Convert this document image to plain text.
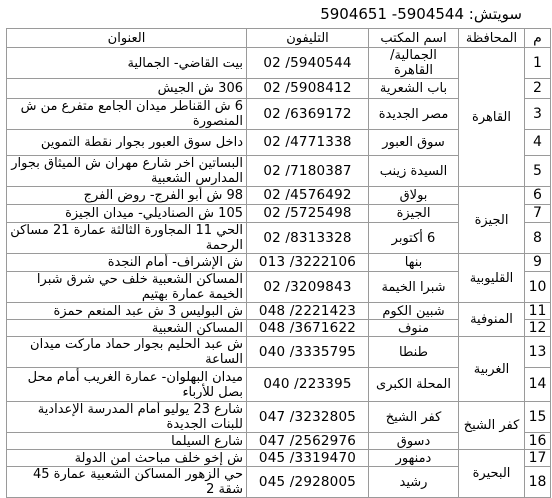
سويتش: 5904544- 5904651
م	المحافظة	اسم المكتب	التليفون	العنوان
1	القاهرة	الجمالية/ القاهرة	02 /5940544	بيت القاضي- الجمالية
2		باب الشعرية	02 /5908412	306 ش الجيش
3		مصر الجديدة	02 /6369172	6 ش القناطر ميدان الجامع متفرع من ش المنصورة
4		سوق العبور	02 /4771338	داخل سوق العبور بجوار نقطة التموين
5		السيدة زينب	02 /7180387	البساتين آخر شارع مهران ش الميثاق بجوار المدارس الشعبية
6	الجيزة	بولاق	02 /4576492	98 ش أبو الفرج- روض الفرج
7		الجيزة	02 /5725498	105 ش الصناديلي- ميدان الجيزة
8		6 أكتوبر	02 /8313328	الحي 11 المجاورة الثالثة عمارة 21 مساكن الرحمة
9	القليوبية	بنها	013 /3222106	ش الإشراف- أمام النجدة
10		شبرا الخيمة	02 /3209843	المساكن الشعبية خلف حي شرق شبرا الخيمة عمارة بهتيم
11	المنوفية	شبين الكوم	048 /2221423	ش البوليس 3 ش عبد المنعم حمزة
12		منوف	048 /3671622	المساكن الشعبية
13	الغربية	طنطا	040 /3335795	ش عبد الحليم بجوار حماد ماركت ميدان الساعة
14		المحلة الكبرى	040 /223395	ميدان البهلوان- عمارة الغريب أمام محل بصل للأرباء
15	كفر الشيخ	كفر الشيخ	047 /3232805	شارع 23 يوليو أمام المدرسة الإعدادية للبنات الجديدة
16		دسوق	047 /2562976	شارع السيلما
17	البحيرة	دمنهور	045 /3319470	ش إخو خلف مباحث امن الدولة
18		رشيد	045 /2928005	حي الزهور المساكن الشعبية عمارة 45 شقة 2
